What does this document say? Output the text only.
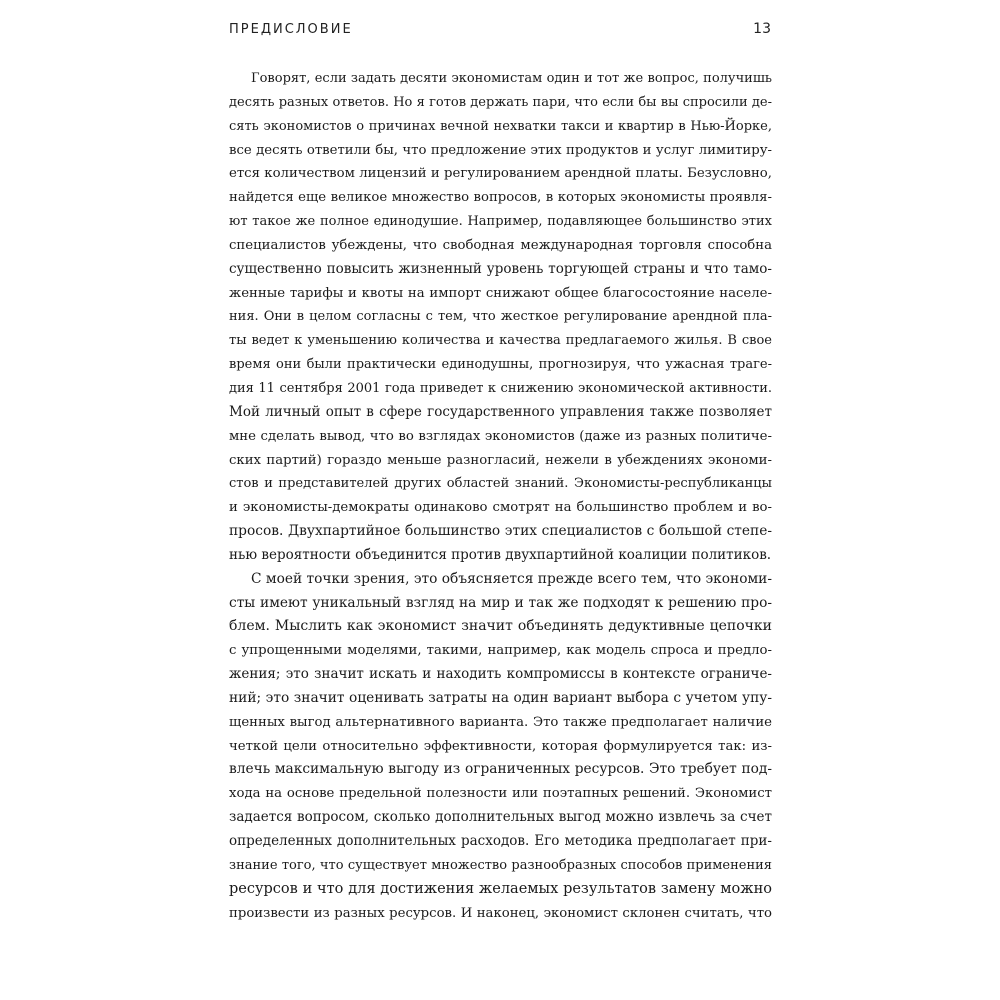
ПРЕДИСЛОВИЕ	13
Говорят, если задать десяти экономистам один и тот же вопрос, получишь
десять разных ответов. Но я готов держать пари, что если бы вы спросили де-
сять экономистов о причинах вечной нехватки такси и квартир в Нью-Йорке,
все десять ответили бы, что предложение этих продуктов и услуг лимитиру-
ется количеством лицензий и регулированием арендной платы. Безусловно,
найдется еще великое множество вопросов, в которых экономисты проявля-
ют такое же полное единодушие. Например, подавляющее большинство этих
специалистов убеждены, что свободная международная торговля способна
существенно повысить жизненный уровень торгующей страны и что тамо-
женные тарифы и квоты на импорт снижают общее благосостояние населе-
ния. Они в целом согласны с тем, что жесткое регулирование арендной пла-
ты ведет к уменьшению количества и качества предлагаемого жилья. В свое
время они были практически единодушны, прогнозируя, что ужасная траге-
дия 11 сентября 2001 года приведет к снижению экономической активности.
Мой личный опыт в сфере государственного управления также позволяет
мне сделать вывод, что во взглядах экономистов (даже из разных политиче-
ских партий) гораздо меньше разногласий, нежели в убеждениях экономи-
стов и представителей других областей знаний. Экономисты-республиканцы
и экономисты-демократы одинаково смотрят на большинство проблем и во-
просов. Двухпартийное большинство этих специалистов с большой степе-
нью вероятности объединится против двухпартийной коалиции политиков.
С моей точки зрения, это объясняется прежде всего тем, что экономи-
сты имеют уникальный взгляд на мир и так же подходят к решению про-
блем. Мыслить как экономист значит объединять дедуктивные цепочки
с упрощенными моделями, такими, например, как модель спроса и предло-
жения; это значит искать и находить компромиссы в контексте ограниче-
ний; это значит оценивать затраты на один вариант выбора с учетом упу-
щенных выгод альтернативного варианта. Это также предполагает наличие
четкой цели относительно эффективности, которая формулируется так: из-
влечь максимальную выгоду из ограниченных ресурсов. Это требует под-
хода на основе предельной полезности или поэтапных решений. Экономист
задается вопросом, сколько дополнительных выгод можно извлечь за счет
определенных дополнительных расходов. Его методика предполагает при-
знание того, что существует множество разнообразных способов применения
ресурсов и что для достижения желаемых результатов замену можно
произвести из разных ресурсов. И наконец, экономист склонен считать, что
